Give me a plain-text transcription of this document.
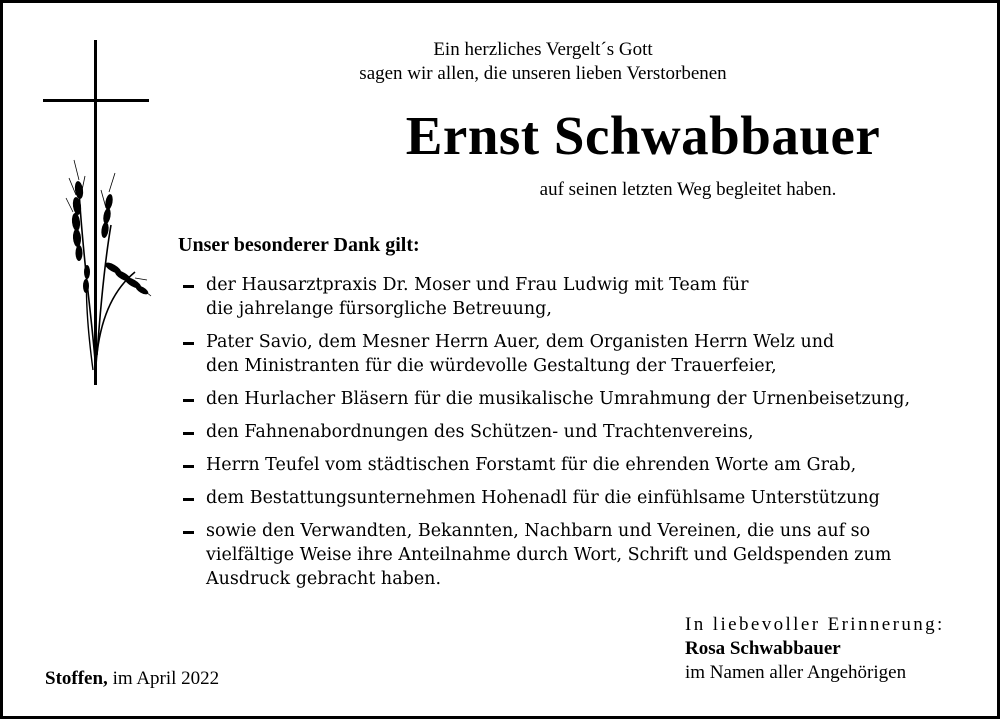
Ein herzliches Vergelt´s Gott
sagen wir allen, die unseren lieben Verstorbenen
Ernst Schwabbauer
auf seinen letzten Weg begleitet haben.
Unser besonderer Dank gilt:
der Hausarztpraxis Dr. Moser und Frau Ludwig mit Team für
die jahrelange fürsorgliche Betreuung,
Pater Savio, dem Mesner Herrn Auer, dem Organisten Herrn Welz und
den Ministranten für die würdevolle Gestaltung der Trauerfeier,
den Hurlacher Bläsern für die musikalische Umrahmung der Urnenbeisetzung,
den Fahnenabordnungen des Schützen- und Trachtenvereins,
Herrn Teufel vom städtischen Forstamt für die ehrenden Worte am Grab,
dem Bestattungsunternehmen Hohenadl für die einfühlsame Unterstützung
sowie den Verwandten, Bekannten, Nachbarn und Vereinen, die uns auf so
vielfältige Weise ihre Anteilnahme durch Wort, Schrift und Geldspenden zum
Ausdruck gebracht haben.
In liebevoller Erinnerung:
Rosa Schwabbauer
im Namen aller Angehörigen
Stoffen, im April 2022
